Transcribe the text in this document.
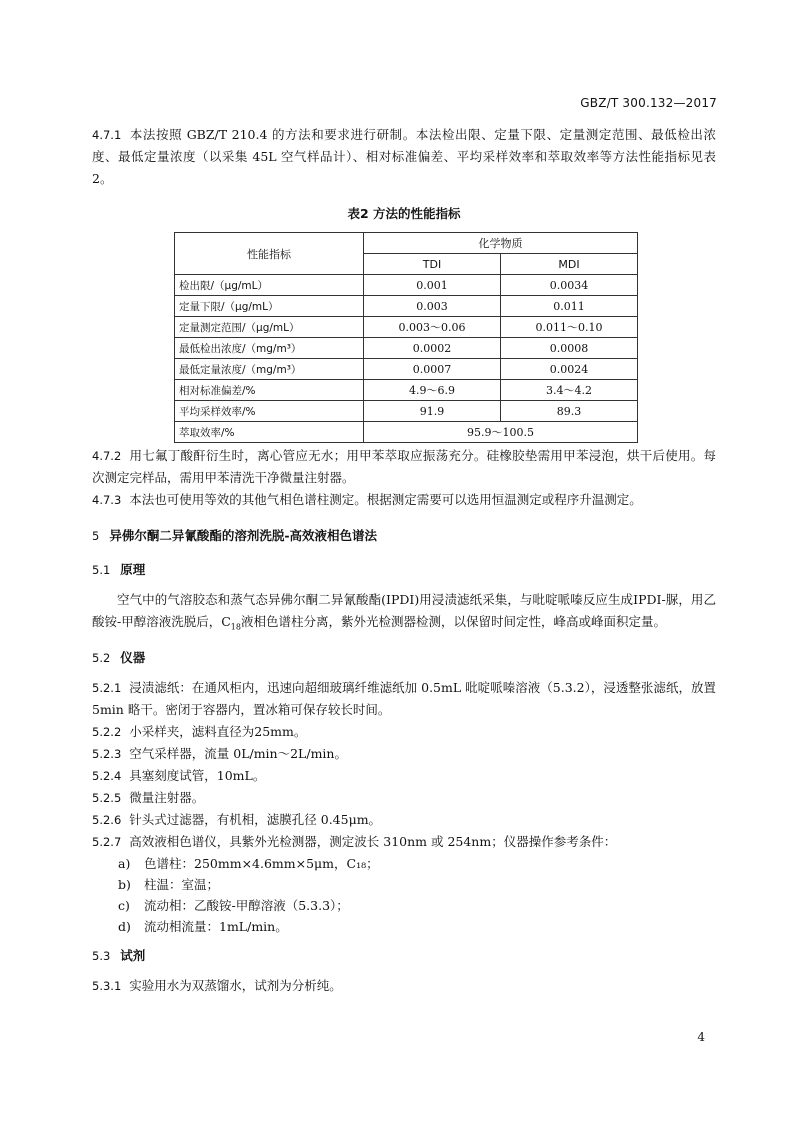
GBZ/T 300.132—2017

4.7.1 本法按照 GBZ/T 210.4 的方法和要求进行研制。本法检出限、定量下限、定量测定范围、最低检出浓度、最低定量浓度（以采集 45L 空气样品计）、相对标准偏差、平均采样效率和萃取效率等方法性能指标见表 2。

表2 方法的性能指标
性能指标	化学物质	
	TDI	MDI
检出限/（μg/mL）	0.001	0.0034
定量下限/（μg/mL）	0.003	0.011
定量测定范围/（μg/mL）	0.003～0.06	0.011～0.10
最低检出浓度/（mg/m³）	0.0002	0.0008
最低定量浓度/（mg/m³）	0.0007	0.0024
相对标准偏差/%	4.9～6.9	3.4～4.2
平均采样效率/%	91.9	89.3
萃取效率/%	95.9～100.5	

4.7.2 用七氟丁酸酐衍生时，离心管应无水；用甲苯萃取应振荡充分。硅橡胶垫需用甲苯浸泡，烘干后使用。每次测定完样品，需用甲苯清洗干净微量注射器。

4.7.3 本法也可使用等效的其他气相色谱柱测定。根据测定需要可以选用恒温测定或程序升温测定。

5 异佛尔酮二异氰酸酯的溶剂洗脱-高效液相色谱法

5.1 原理

空气中的气溶胶态和蒸气态异佛尔酮二异氰酸酯(IPDI)用浸渍滤纸采集，与吡啶哌嗪反应生成IPDI-脲，用乙酸铵-甲醇溶液洗脱后，$C_{18}$液相色谱柱分离，紫外光检测器检测，以保留时间定性，峰高或峰面积定量。

5.2 仪器

5.2.1 浸渍滤纸：在通风柜内，迅速向超细玻璃纤维滤纸加 0.5mL 吡啶哌嗪溶液（5.3.2），浸透整张滤纸，放置 5min 略干。密闭于容器内，置冰箱可保存较长时间。

5.2.2 小采样夹，滤料直径为25mm。

5.2.3 空气采样器，流量 0L/min～2L/min。

5.2.4 具塞刻度试管，10mL。

5.2.5 微量注射器。

5.2.6 针头式过滤器，有机相，滤膜孔径 0.45μm。

5.2.7 高效液相色谱仪，具紫外光检测器，测定波长 310nm 或 254nm；仪器操作参考条件：

a) 色谱柱：250mm×4.6mm×5μm，C₁₈；

b) 柱温：室温；

c) 流动相：乙酸铵-甲醇溶液（5.3.3）；

d) 流动相流量：1mL/min。

5.3 试剂

5.3.1 实验用水为双蒸馏水，试剂为分析纯。

4
